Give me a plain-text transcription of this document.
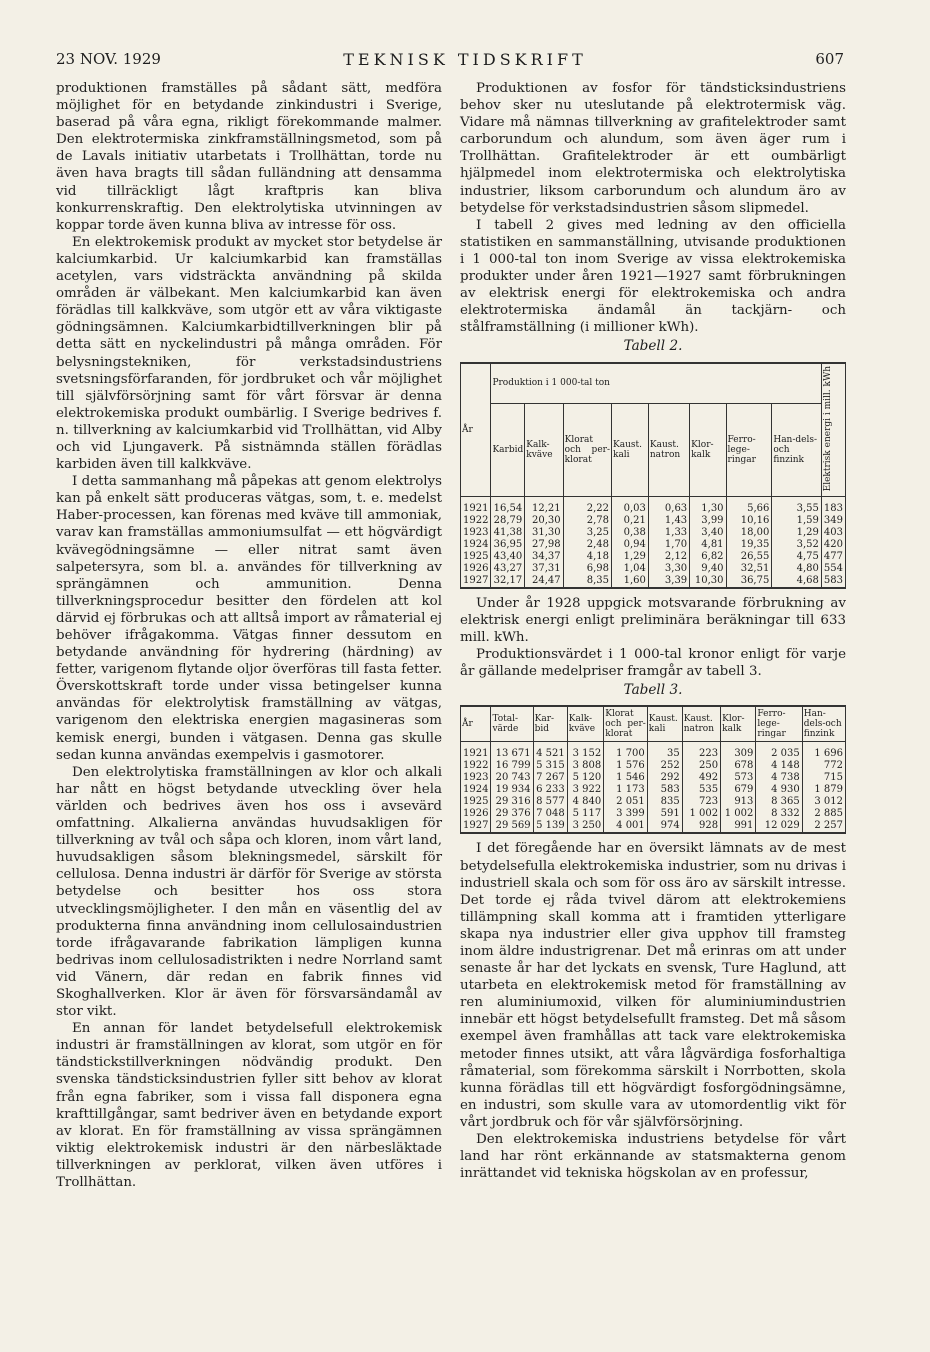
23 NOV. 1929	TEKNISK TIDSKRIFT	607

produktionen framställes på sådant sätt, medföra möjlighet för en betydande zinkindustri i Sverige, baserad på våra egna, rikligt förekommande malmer. Den elektrotermiska zinkframställningsmetod, som på de Lavals initiativ utarbetats i Trollhättan, torde nu även hava bragts till sådan fulländning att densamma vid tillräckligt lågt kraftpris kan bliva konkurrenskraftig. Den elektrolytiska utvinningen av koppar torde även kunna bliva av intresse för oss.

En elektrokemisk produkt av mycket stor betydelse är kalciumkarbid. Ur kalciumkarbid kan framställas acetylen, vars vidsträckta användning på skilda områden är välbekant. Men kalciumkarbid kan även förädlas till kalkkväve, som utgör ett av våra viktigaste gödningsämnen. Kalciumkarbidtillverkningen blir på detta sätt en nyckelindustri på många områden. För belysningstekniken, för verkstadsindustriens svetsningsförfaranden, för jordbruket och vår möjlighet till självförsörjning samt för vårt försvar är denna elektrokemiska produkt oumbärlig. I Sverige bedrives f. n. tillverkning av kalciumkarbid vid Trollhättan, vid Alby och vid Ljungaverk. På sistnämnda ställen förädlas karbiden även till kalkkväve.

I detta sammanhang må påpekas att genom elektrolys kan på enkelt sätt produceras vätgas, som, t. e. medelst Haber-processen, kan förenas med kväve till ammoniak, varav kan framställas ammoniumsulfat — ett högvärdigt kvävegödningsämne — eller nitrat samt även salpetersyra, som bl. a. användes för tillverkning av sprängämnen och ammunition. Denna tillverkningsprocedur besitter den fördelen att kol därvid ej förbrukas och att alltså import av råmaterial ej behöver ifrågakomma. Vätgas finner dessutom en betydande användning för hydrering (härdning) av fetter, varigenom flytande oljor överföras till fasta fetter. Överskottskraft torde under vissa betingelser kunna användas för elektrolytisk framställning av vätgas, varigenom den elektriska energien magasineras som kemisk energi, bunden i vätgasen. Denna gas skulle sedan kunna användas exempelvis i gasmotorer.

Den elektrolytiska framställningen av klor och alkali har nått en högst betydande utveckling över hela världen och bedrives även hos oss i avsevärd omfattning. Alkalierna användas huvudsakligen för tillverkning av tvål och såpa och kloren, inom vårt land, huvudsakligen såsom blekningsmedel, särskilt för cellulosa. Denna industri är därför för Sverige av största betydelse och besitter hos oss stora utvecklingsmöjligheter. I den mån en väsentlig del av produkterna finna användning inom cellulosaindustrien torde ifrågavarande fabrikation lämpligen kunna bedrivas inom cellulosadistrikten i nedre Norrland samt vid Vänern, där redan en fabrik finnes vid Skoghallverken. Klor är även för försvarsändamål av stor vikt.

En annan för landet betydelsefull elektrokemisk industri är framställningen av klorat, som utgör en för tändstickstillverkningen nödvändig produkt. Den svenska tändsticksindustrien fyller sitt behov av klorat från egna fabriker, som i vissa fall disponera egna krafttillgångar, samt bedriver även en betydande export av klorat. En för framställning av vissa sprängämnen viktig elektrokemisk industri är den närbesläktade tillverkningen av perklorat, vilken även utföres i Trollhättan.

Produktionen av fosfor för tändsticksindustriens behov sker nu uteslutande på elektrotermisk väg. Vidare må nämnas tillverkning av grafitelektroder samt carborundum och alundum, som även äger rum i Trollhättan. Grafitelektroder är ett oumbärligt hjälpmedel inom elektrotermiska och elektrolytiska industrier, liksom carborundum och alundum äro av betydelse för verkstadsindustrien såsom slipmedel.

I tabell 2 gives med ledning av den officiella statistiken en sammanställning, utvisande produktionen i 1 000-tal ton inom Sverige av vissa elektrokemiska produkter under åren 1921—1927 samt förbrukningen av elektrisk energi för elektrokemiska och andra elektrotermiska ändamål än tackjärn- och stålframställning (i millioner kWh).

Tabell 2.
År	Produktion i 1 000-tal ton								Elektrisk energi i mill. kWh
	Karbid	Kalk-kväve	Klorat och per-klorat	Kaust. kali	Kaust. natron	Klor-kalk	Ferro-lege-ringar	Han-dels-och finzink	
1921	16,54	12,21	2,22	0,03	0,63	1,30	5,66	3,55	183
1922	28,79	20,30	2,78	0,21	1,43	3,99	10,16	1,59	349
1923	41,38	31,30	3,25	0,38	1,33	3,40	18,00	1,29	403
1924	36,95	27,98	2,48	0,94	1,70	4,81	19,35	3,52	420
1925	43,40	34,37	4,18	1,29	2,12	6,82	26,55	4,75	477
1926	43,27	37,31	6,98	1,04	3,30	9,40	32,51	4,80	554
1927	32,17	24,47	8,35	1,60	3,39	10,30	36,75	4,68	583

Under år 1928 uppgick motsvarande förbrukning av elektrisk energi enligt preliminära beräkningar till 633 mill. kWh.

Produktionsvärdet i 1 000-tal kronor enligt för varje år gällande medelpriser framgår av tabell 3.

Tabell 3.
År	Total-värde	Kar-bid	Kalk-kväve	Klorat och per-klorat	Kaust. kali	Kaust. natron	Klor-kalk	Ferro-lege-ringar	Han-dels-och finzink
1921	13 671	4 521	3 152	1 700	35	223	309	2 035	1 696
1922	16 799	5 315	3 808	1 576	252	250	678	4 148	772
1923	20 743	7 267	5 120	1 546	292	492	573	4 738	715
1924	19 934	6 233	3 922	1 173	583	535	679	4 930	1 879
1925	29 316	8 577	4 840	2 051	835	723	913	8 365	3 012
1926	29 376	7 048	5 117	3 399	591	1 002	1 002	8 332	2 885
1927	29 569	5 139	3 250	4 001	974	928	991	12 029	2 257

I det föregående har en översikt lämnats av de mest betydelsefulla elektrokemiska industrier, som nu drivas i industriell skala och som för oss äro av särskilt intresse. Det torde ej råda tvivel därom att elektrokemiens tillämpning skall komma att i framtiden ytterligare skapa nya industrier eller giva upphov till framsteg inom äldre industrigrenar. Det må erinras om att under senaste år har det lyckats en svensk, Ture Haglund, att utarbeta en elektrokemisk metod för framställning av ren aluminiumoxid, vilken för aluminiumindustrien innebär ett högst betydelsefullt framsteg. Det må såsom exempel även framhållas att tack vare elektrokemiska metoder finnes utsikt, att våra lågvärdiga fosforhaltiga råmaterial, som förekomma särskilt i Norrbotten, skola kunna förädlas till ett högvärdigt fosforgödningsämne, en industri, som skulle vara av utomordentlig vikt för vårt jordbruk och för vår självförsörjning.

Den elektrokemiska industriens betydelse för vårt land har rönt erkännande av statsmakterna genom inrättandet vid tekniska högskolan av en professur,
